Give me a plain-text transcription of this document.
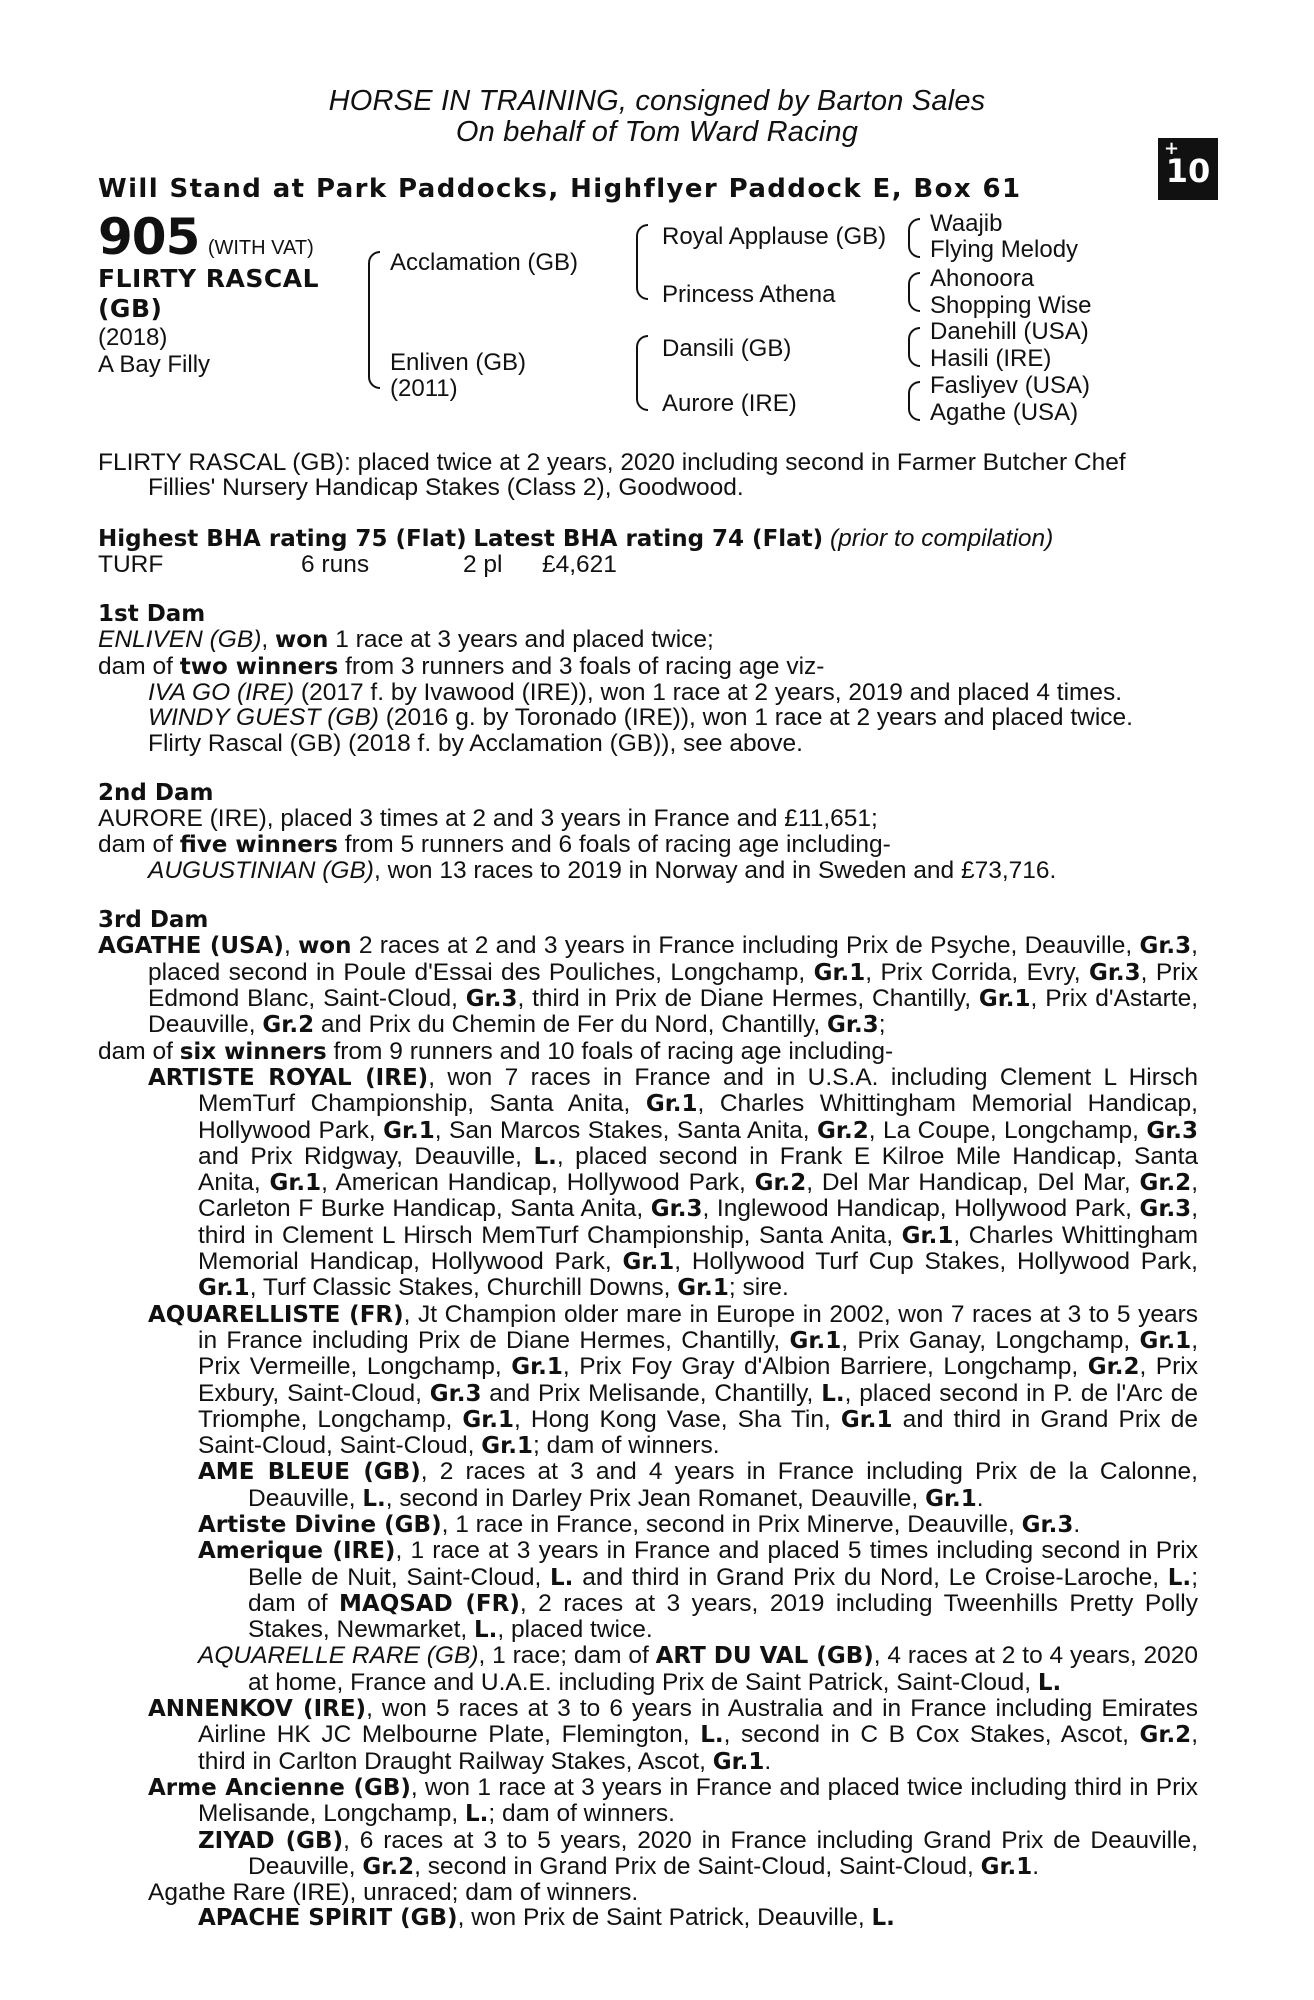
HORSE IN TRAINING, consigned by Barton Sales
On behalf of Tom Ward Racing
Will Stand at Park Paddocks, Highflyer Paddock E, Box 61
+
10
905 (WITH VAT)
FLIRTY RASCAL
(GB)
(2018)
A Bay Filly
Acclamation (GB)
Enliven (GB)
(2011)
Royal Applause (GB)
Princess Athena
Dansili (GB)
Aurore (IRE)
Waajib
Flying Melody
Ahonoora
Shopping Wise
Danehill (USA)
Hasili (IRE)
Fasliyev (USA)
Agathe (USA)

FLIRTY RASCAL (GB): placed twice at 2 years, 2020 including second in Farmer Butcher Chef Fillies' Nursery Handicap Stakes (Class 2), Goodwood.

Highest BHA rating 75 (Flat) Latest BHA rating 74 (Flat) (prior to compilation)

TURF	6 runs	2 pl £4,621

1st Dam

ENLIVEN (GB), won 1 race at 3 years and placed twice;

dam of two winners from 3 runners and 3 foals of racing age viz-

IVA GO (IRE) (2017 f. by Ivawood (IRE)), won 1 race at 2 years, 2019 and placed 4 times.

WINDY GUEST (GB) (2016 g. by Toronado (IRE)), won 1 race at 2 years and placed twice.

Flirty Rascal (GB) (2018 f. by Acclamation (GB)), see above.

2nd Dam

AURORE (IRE), placed 3 times at 2 and 3 years in France and £11,651;

dam of five winners from 5 runners and 6 foals of racing age including-

AUGUSTINIAN (GB), won 13 races to 2019 in Norway and in Sweden and £73,716.

3rd Dam

AGATHE (USA), won 2 races at 2 and 3 years in France including Prix de Psyche, Deauville, Gr.3, placed second in Poule d'Essai des Pouliches, Longchamp, Gr.1, Prix Corrida, Evry, Gr.3, Prix Edmond Blanc, Saint-Cloud, Gr.3, third in Prix de Diane Hermes, Chantilly, Gr.1, Prix d'Astarte, Deauville, Gr.2 and Prix du Chemin de Fer du Nord, Chantilly, Gr.3;

dam of six winners from 9 runners and 10 foals of racing age including-

ARTISTE ROYAL (IRE), won 7 races in France and in U.S.A. including Clement L Hirsch MemTurf Championship, Santa Anita, Gr.1, Charles Whittingham Memorial Handicap, Hollywood Park, Gr.1, San Marcos Stakes, Santa Anita, Gr.2, La Coupe, Longchamp, Gr.3 and Prix Ridgway, Deauville, L., placed second in Frank E Kilroe Mile Handicap, Santa Anita, Gr.1, American Handicap, Hollywood Park, Gr.2, Del Mar Handicap, Del Mar, Gr.2, Carleton F Burke Handicap, Santa Anita, Gr.3, Inglewood Handicap, Hollywood Park, Gr.3, third in Clement L Hirsch MemTurf Championship, Santa Anita, Gr.1, Charles Whittingham Memorial Handicap, Hollywood Park, Gr.1, Hollywood Turf Cup Stakes, Hollywood Park, Gr.1, Turf Classic Stakes, Churchill Downs, Gr.1; sire.

AQUARELLISTE (FR), Jt Champion older mare in Europe in 2002, won 7 races at 3 to 5 years in France including Prix de Diane Hermes, Chantilly, Gr.1, Prix Ganay, Longchamp, Gr.1, Prix Vermeille, Longchamp, Gr.1, Prix Foy Gray d'Albion Barriere, Longchamp, Gr.2, Prix Exbury, Saint-Cloud, Gr.3 and Prix Melisande, Chantilly, L., placed second in P. de l'Arc de Triomphe, Longchamp, Gr.1, Hong Kong Vase, Sha Tin, Gr.1 and third in Grand Prix de Saint-Cloud, Saint-Cloud, Gr.1; dam of winners.

AME BLEUE (GB), 2 races at 3 and 4 years in France including Prix de la Calonne, Deauville, L., second in Darley Prix Jean Romanet, Deauville, Gr.1.

Artiste Divine (GB), 1 race in France, second in Prix Minerve, Deauville, Gr.3.

Amerique (IRE), 1 race at 3 years in France and placed 5 times including second in Prix Belle de Nuit, Saint-Cloud, L. and third in Grand Prix du Nord, Le Croise-Laroche, L.; dam of MAQSAD (FR), 2 races at 3 years, 2019 including Tweenhills Pretty Polly Stakes, Newmarket, L., placed twice.

AQUARELLE RARE (GB), 1 race; dam of ART DU VAL (GB), 4 races at 2 to 4 years, 2020 at home, France and U.A.E. including Prix de Saint Patrick, Saint-Cloud, L.

ANNENKOV (IRE), won 5 races at 3 to 6 years in Australia and in France including Emirates Airline HK JC Melbourne Plate, Flemington, L., second in C B Cox Stakes, Ascot, Gr.2, third in Carlton Draught Railway Stakes, Ascot, Gr.1.

Arme Ancienne (GB), won 1 race at 3 years in France and placed twice including third in Prix Melisande, Longchamp, L.; dam of winners.

ZIYAD (GB), 6 races at 3 to 5 years, 2020 in France including Grand Prix de Deauville, Deauville, Gr.2, second in Grand Prix de Saint-Cloud, Saint-Cloud, Gr.1.

Agathe Rare (IRE), unraced; dam of winners.

APACHE SPIRIT (GB), won Prix de Saint Patrick, Deauville, L.
